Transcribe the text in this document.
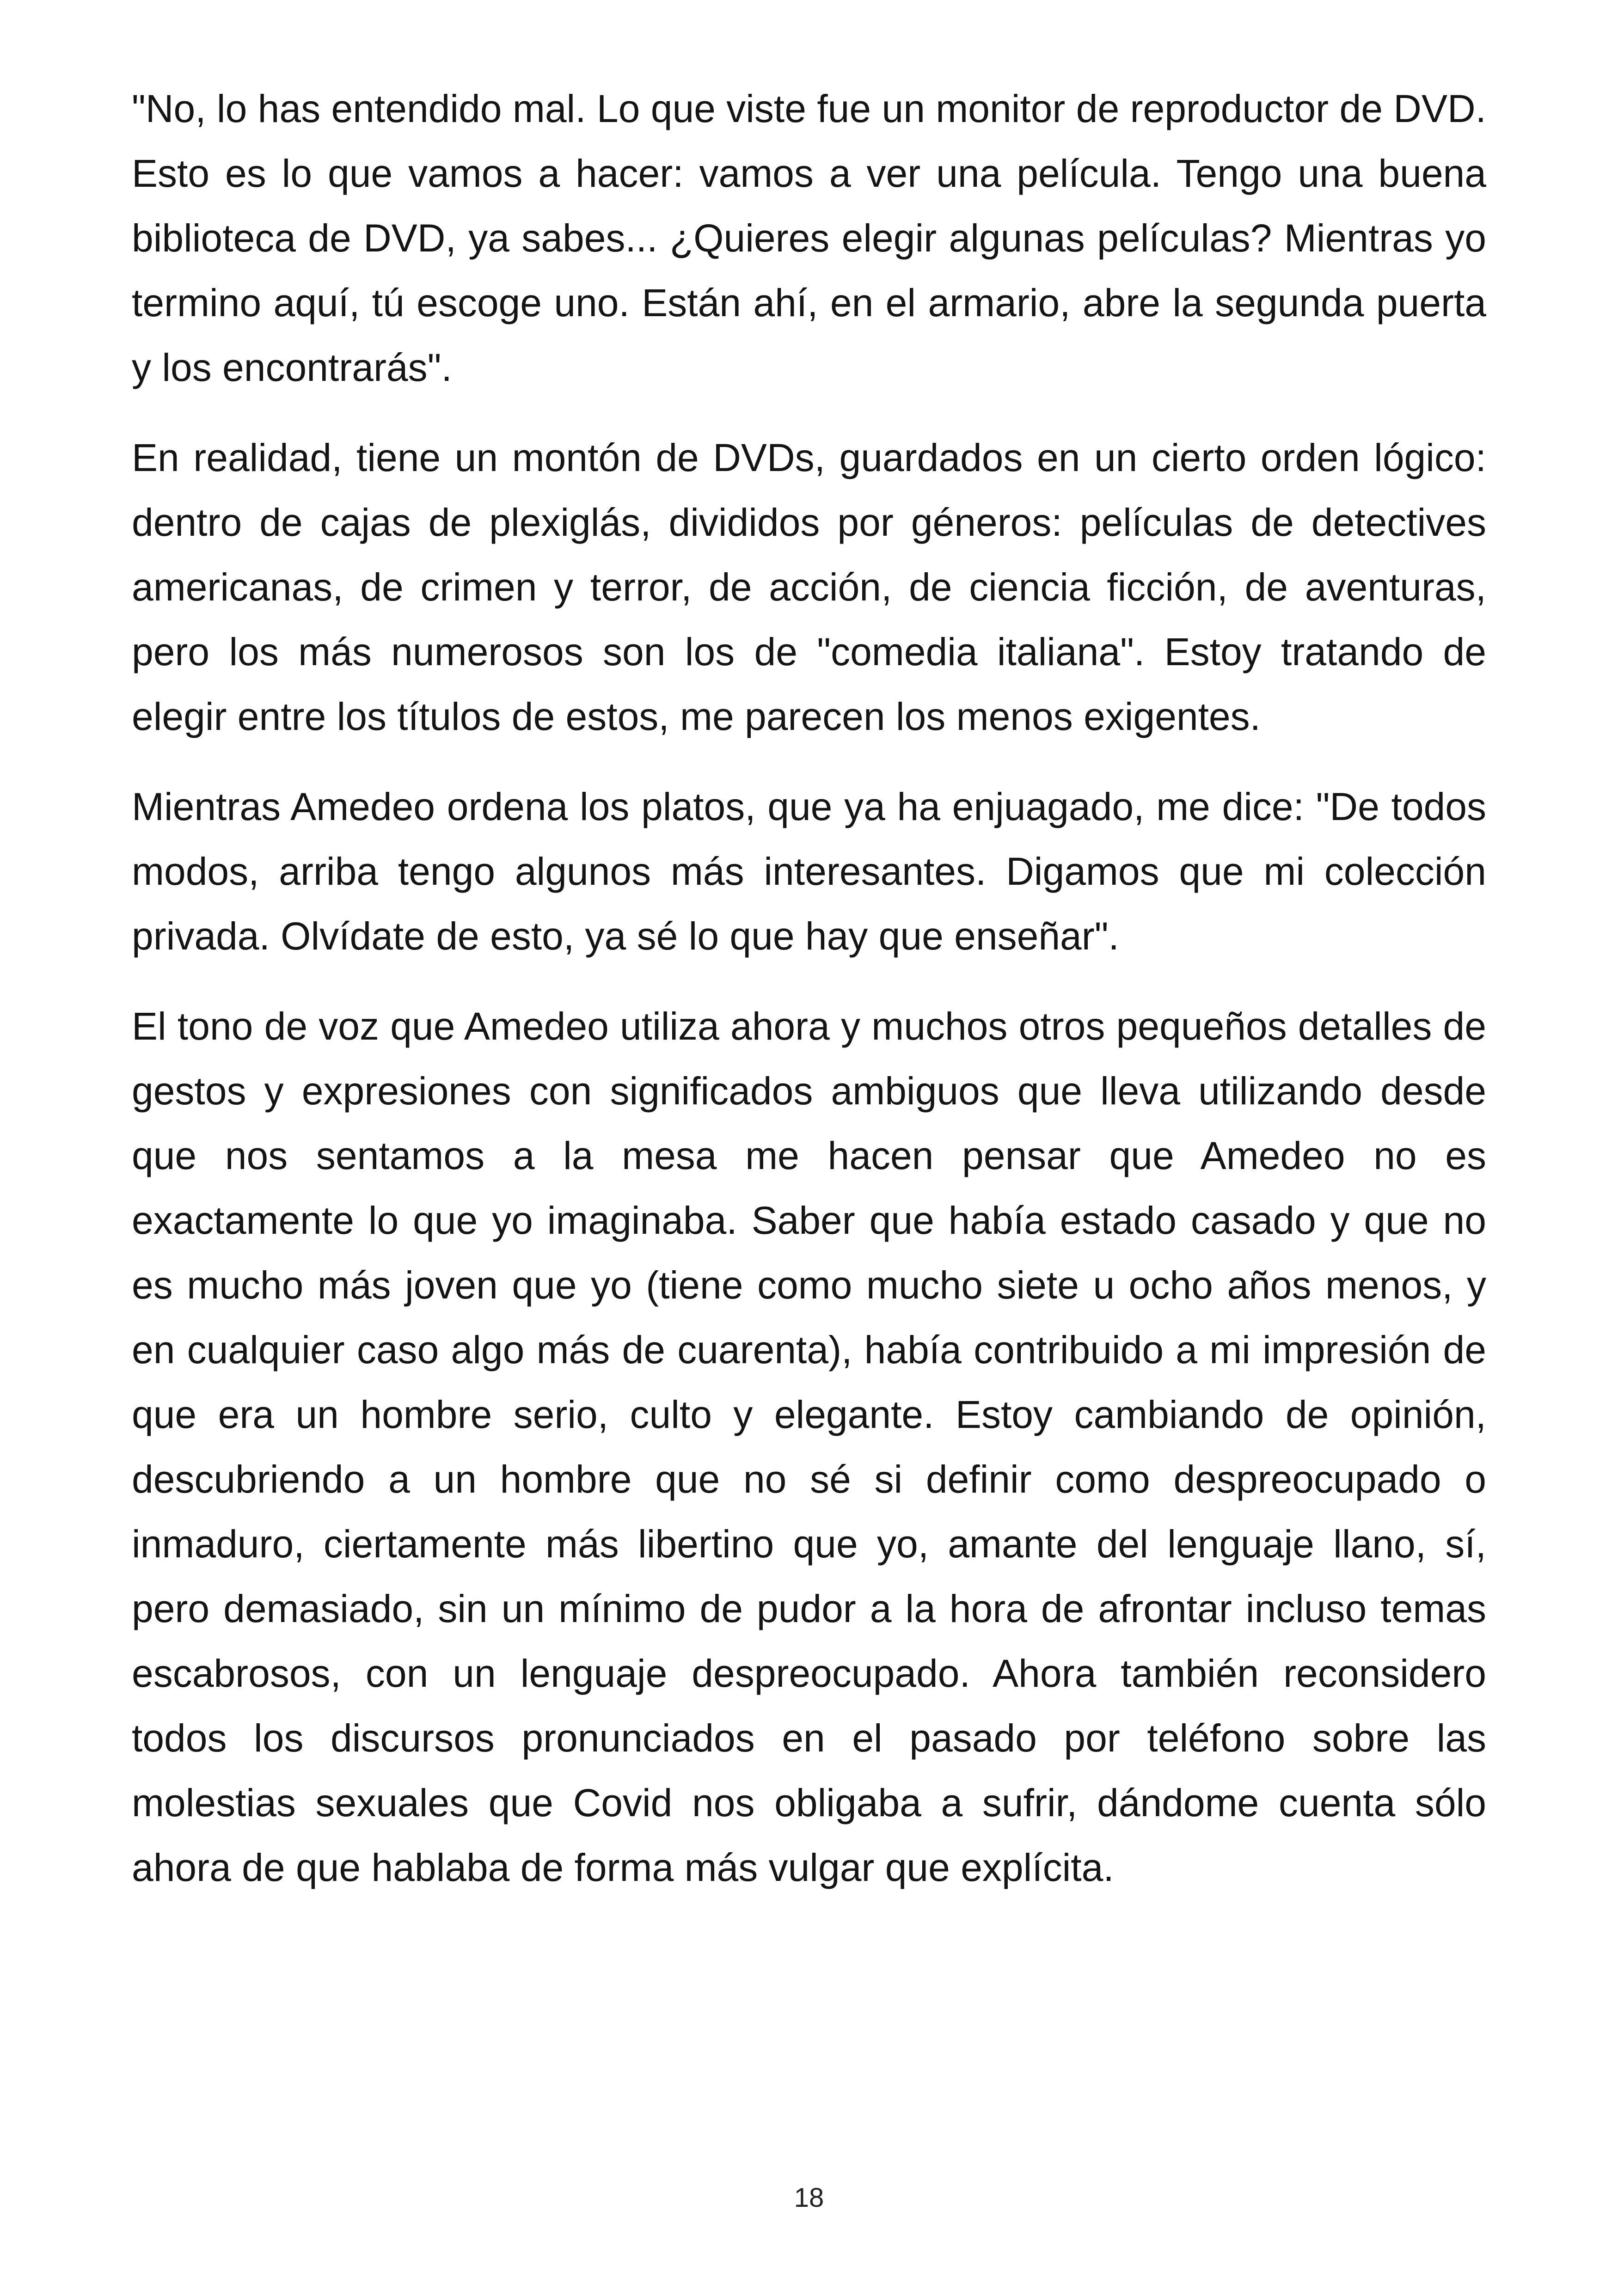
"No, lo has entendido mal. Lo que viste fue un monitor de reproductor de DVD. Esto es lo que vamos a hacer: vamos a ver una película. Tengo una buena biblioteca de DVD, ya sabes... ¿Quieres elegir algunas películas? Mientras yo termino aquí, tú escoge uno. Están ahí, en el armario, abre la segunda puerta y los encontrarás".

En realidad, tiene un montón de DVDs, guardados en un cierto orden lógico: dentro de cajas de plexiglás, divididos por géneros: películas de detectives americanas, de crimen y terror, de acción, de ciencia ficción, de aventuras, pero los más numerosos son los de "comedia italiana". Estoy tratando de elegir entre los títulos de estos, me parecen los menos exigentes.

Mientras Amedeo ordena los platos, que ya ha enjuagado, me dice: "De todos modos, arriba tengo algunos más interesantes. Digamos que mi colección privada. Olvídate de esto, ya sé lo que hay que enseñar".

El tono de voz que Amedeo utiliza ahora y muchos otros pequeños detalles de gestos y expresiones con significados ambiguos que lleva utilizando desde que nos sentamos a la mesa me hacen pensar que Amedeo no es exactamente lo que yo imaginaba. Saber que había estado casado y que no es mucho más joven que yo (tiene como mucho siete u ocho años menos, y en cualquier caso algo más de cuarenta), había contribuido a mi impresión de que era un hombre serio, culto y elegante. Estoy cambiando de opinión, descubriendo a un hombre que no sé si definir como despreocupado o inmaduro, ciertamente más libertino que yo, amante del lenguaje llano, sí, pero demasiado, sin un mínimo de pudor a la hora de afrontar incluso temas escabrosos, con un lenguaje despreocupado. Ahora también reconsidero todos los discursos pronunciados en el pasado por teléfono sobre las molestias sexuales que Covid nos obligaba a sufrir, dándome cuenta sólo ahora de que hablaba de forma más vulgar que explícita.

18
